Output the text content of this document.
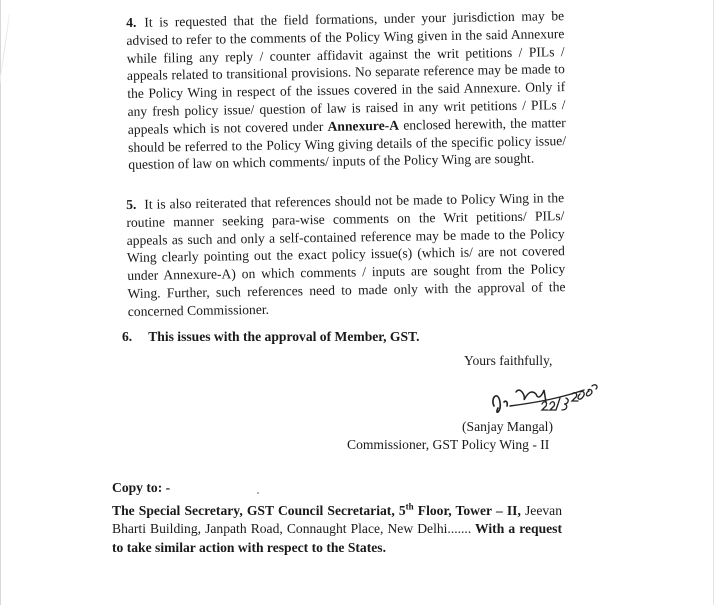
4. It is requested that the field formations, under your jurisdiction may be advised to refer to the comments of the Policy Wing given in the said Annexure while filing any reply / counter affidavit against the writ petitions / PILs / appeals related to transitional provisions. No separate reference may be made to the Policy Wing in respect of the issues covered in the said Annexure. Only if any fresh policy issue/ question of law is raised in any writ petitions / PILs / appeals which is not covered under Annexure-A enclosed herewith, the matter should be referred to the Policy Wing giving details of the specific policy issue/ question of law on which comments/ inputs of the Policy Wing are sought.

5. It is also reiterated that references should not be made to Policy Wing in the routine manner seeking para-wise comments on the Writ petitions/ PILs/ appeals as such and only a self-contained reference may be made to the Policy Wing clearly pointing out the exact policy issue(s) (which is/ are not covered under Annexure-A) on which comments / inputs are sought from the Policy Wing. Further, such references need to made only with the approval of the concerned Commissioner.

6. This issues with the approval of Member, GST.
Yours faithfully,
(Sanjay Mangal)
Commissioner, GST Policy Wing - II
Copy to: -

The Special Secretary, GST Council Secretariat, 5th Floor, Tower – II, Jeevan Bharti Building, Janpath Road, Connaught Place, New Delhi....... With a request to take similar action with respect to the States.
